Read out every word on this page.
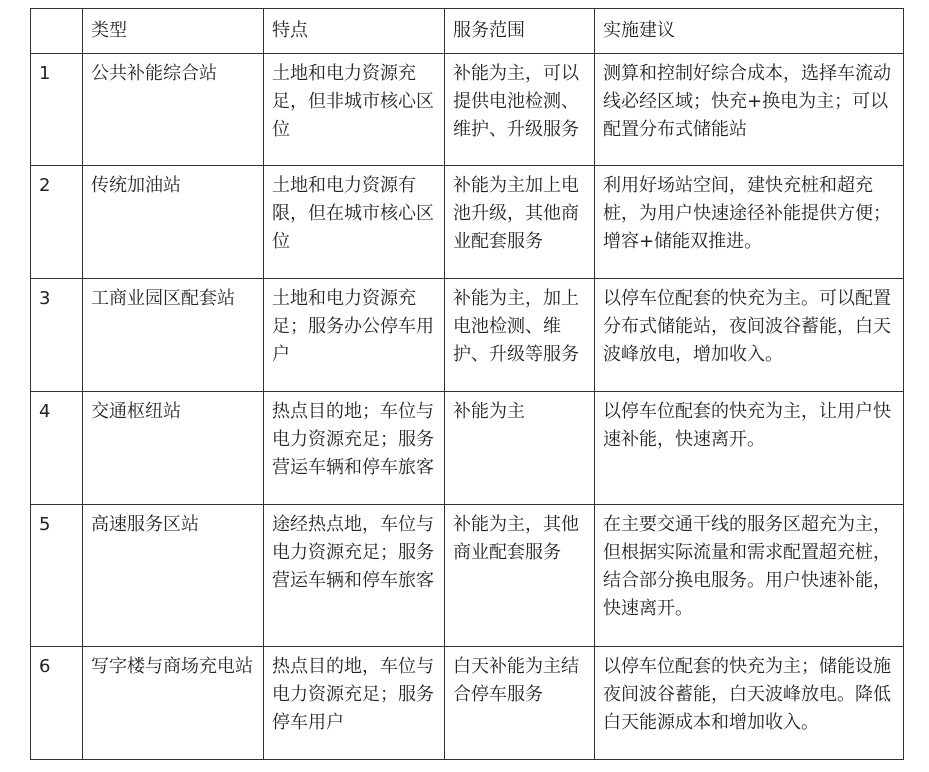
	类型	特点	服务范围	实施建议
1	公共补能综合站	土地和电力资源充足，但非城市核心区位	补能为主，可以提供电池检测、维护、升级服务	测算和控制好综合成本，选择车流动线必经区域；快充+换电为主；可以配置分布式储能站
2	传统加油站	土地和电力资源有限，但在城市核心区位	补能为主加上电池升级，其他商业配套服务	利用好场站空间，建快充桩和超充桩，为用户快速途径补能提供方便；增容+储能双推进。
3	工商业园区配套站	土地和电力资源充足；服务办公停车用户	补能为主，加上电池检测、维护、升级等服务	以停车位配套的快充为主。可以配置分布式储能站，夜间波谷蓄能，白天波峰放电，增加收入。
4	交通枢纽站	热点目的地；车位与电力资源充足；服务营运车辆和停车旅客	补能为主	以停车位配套的快充为主，让用户快速补能，快速离开。
5	高速服务区站	途经热点地，车位与电力资源充足；服务营运车辆和停车旅客	补能为主，其他商业配套服务	在主要交通干线的服务区超充为主，但根据实际流量和需求配置超充桩，结合部分换电服务。用户快速补能，快速离开。
6	写字楼与商场充电站	热点目的地，车位与电力资源充足；服务停车用户	白天补能为主结合停车服务	以停车位配套的快充为主；储能设施夜间波谷蓄能，白天波峰放电。降低白天能源成本和增加收入。
